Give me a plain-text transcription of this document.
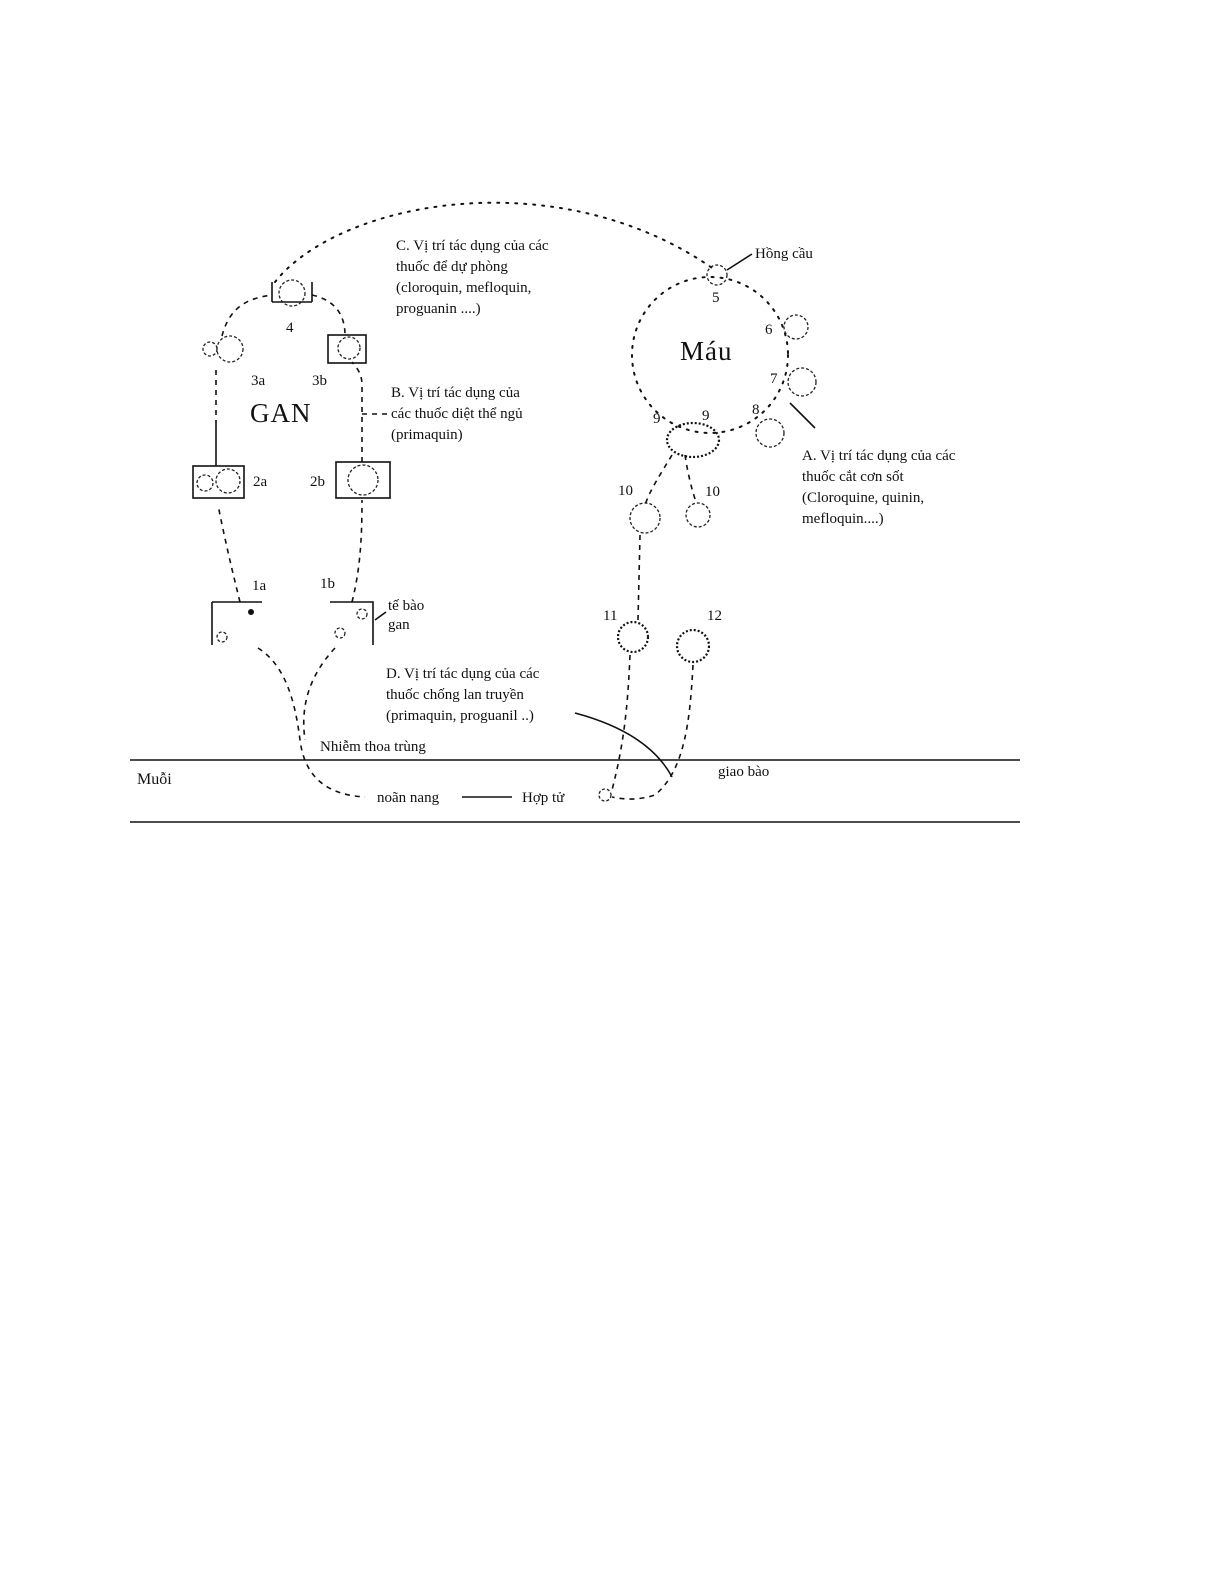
GAN
Máu
Muỗi
1a	1b
2a	2b
3a	3b
4
5
6
7
8
9	9
10	10
11	12
Hồng cầu
tế bào
gan
Nhiễm thoa trùng
giao bào
noãn nang	Hợp tử
A. Vị trí tác dụng của các
thuốc cắt cơn sốt
(Cloroquine, quinin,
mefloquin....)
B. Vị trí tác dụng của
các thuốc diệt thể ngủ
(primaquin)
C. Vị trí tác dụng của các
thuốc để dự phòng
(cloroquin, mefloquin,
proguanin ....)
D. Vị trí tác dụng của các
thuốc chống lan truyền
(primaquin, proguanil ..)
